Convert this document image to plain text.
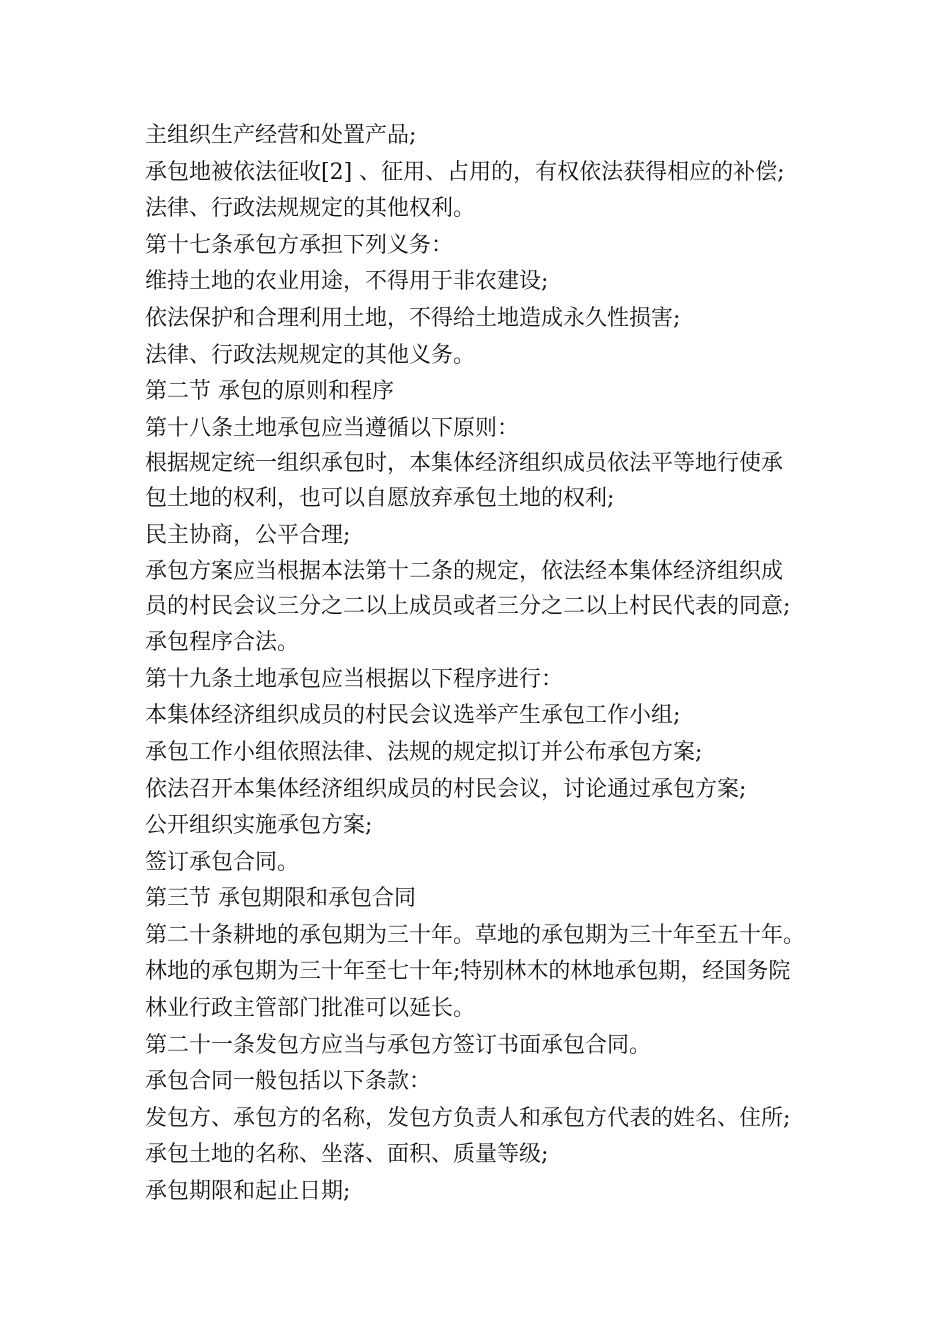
主组织生产经营和处置产品;
承包地被依法征收[2] 、征用、占用的，有权依法获得相应的补偿;
法律、行政法规规定的其他权利。
第十七条承包方承担下列义务：
维持土地的农业用途，不得用于非农建设;
依法保护和合理利用土地，不得给土地造成永久性损害;
法律、行政法规规定的其他义务。
第二节 承包的原则和程序
第十八条土地承包应当遵循以下原则：
根据规定统一组织承包时，本集体经济组织成员依法平等地行使承
包土地的权利，也可以自愿放弃承包土地的权利;
民主协商，公平合理;
承包方案应当根据本法第十二条的规定，依法经本集体经济组织成
员的村民会议三分之二以上成员或者三分之二以上村民代表的同意;
承包程序合法。
第十九条土地承包应当根据以下程序进行：
本集体经济组织成员的村民会议选举产生承包工作小组;
承包工作小组依照法律、法规的规定拟订并公布承包方案;
依法召开本集体经济组织成员的村民会议，讨论通过承包方案;
公开组织实施承包方案;
签订承包合同。
第三节 承包期限和承包合同
第二十条耕地的承包期为三十年。草地的承包期为三十年至五十年。
林地的承包期为三十年至七十年;特别林木的林地承包期，经国务院
林业行政主管部门批准可以延长。
第二十一条发包方应当与承包方签订书面承包合同。
承包合同一般包括以下条款：
发包方、承包方的名称，发包方负责人和承包方代表的姓名、住所;
承包土地的名称、坐落、面积、质量等级;
承包期限和起止日期;
